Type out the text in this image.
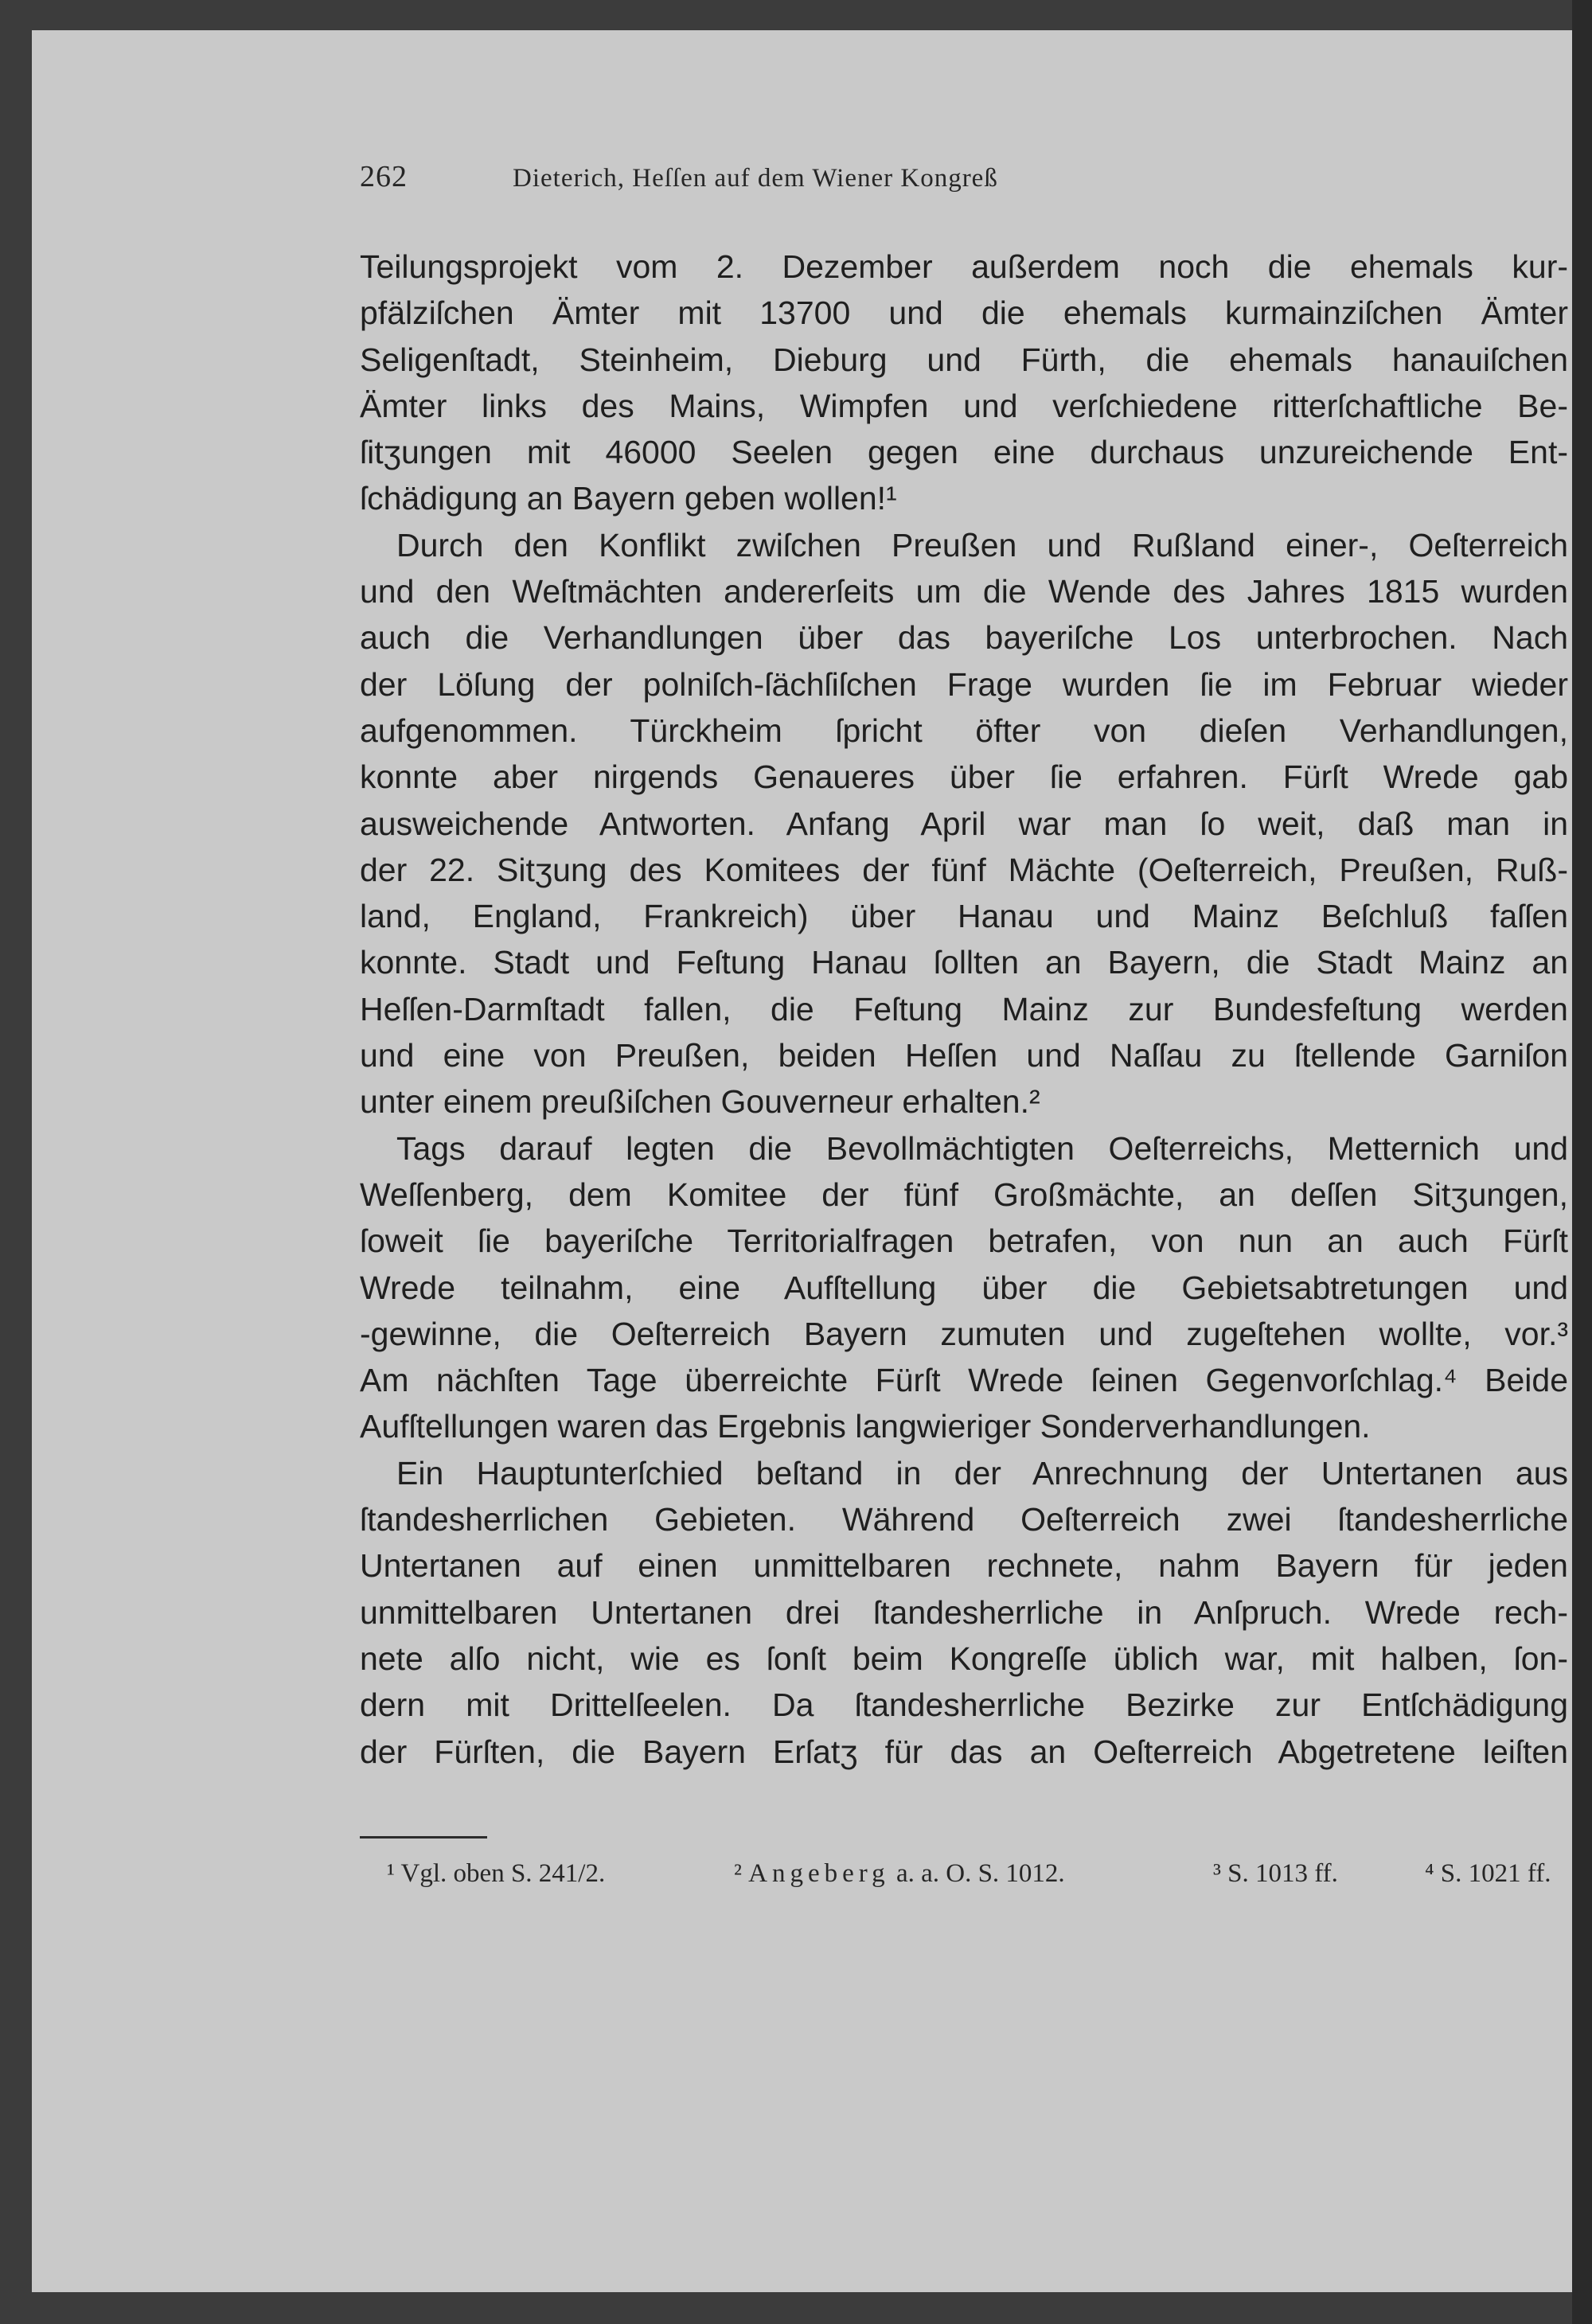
262	Dieterich, Heſſen auf dem Wiener Kongreß
Teilungsprojekt vom 2. Dezember außerdem noch die ehemals kur-
pfälziſchen Ämter mit 13700 und die ehemals kurmainziſchen Ämter
Seligenſtadt, Steinheim, Dieburg und Fürth, die ehemals hanauiſchen
Ämter links des Mains, Wimpfen und verſchiedene ritterſchaftliche Be-
ſitʒungen mit 46000 Seelen gegen eine durchaus unzureichende Ent-
ſchädigung an Bayern geben wollen!¹
Durch den Konflikt zwiſchen Preußen und Rußland einer-, Oeſterreich
und den Weſtmächten andererſeits um die Wende des Jahres 1815 wurden
auch die Verhandlungen über das bayeriſche Los unterbrochen. Nach
der Löſung der polniſch-ſächſiſchen Frage wurden ſie im Februar wieder
aufgenommen. Türckheim ſpricht öfter von dieſen Verhandlungen,
konnte aber nirgends Genaueres über ſie erfahren. Fürſt Wrede gab
ausweichende Antworten. Anfang April war man ſo weit, daß man in
der 22. Sitʒung des Komitees der fünf Mächte (Oeſterreich, Preußen, Ruß-
land, England, Frankreich) über Hanau und Mainz Beſchluß faſſen
konnte. Stadt und Feſtung Hanau ſollten an Bayern, die Stadt Mainz an
Heſſen-Darmſtadt fallen, die Feſtung Mainz zur Bundesfeſtung werden
und eine von Preußen, beiden Heſſen und Naſſau zu ſtellende Garniſon
unter einem preußiſchen Gouverneur erhalten.²
Tags darauf legten die Bevollmächtigten Oeſterreichs, Metternich und
Weſſenberg, dem Komitee der fünf Großmächte, an deſſen Sitʒungen,
ſoweit ſie bayeriſche Territorialfragen betrafen, von nun an auch Fürſt
Wrede teilnahm, eine Aufſtellung über die Gebietsabtretungen und
-gewinne, die Oeſterreich Bayern zumuten und zugeſtehen wollte, vor.³
Am nächſten Tage überreichte Fürſt Wrede ſeinen Gegenvorſchlag.⁴ Beide
Aufſtellungen waren das Ergebnis langwieriger Sonderverhandlungen.
Ein Hauptunterſchied beſtand in der Anrechnung der Untertanen aus
ſtandesherrlichen Gebieten. Während Oeſterreich zwei ſtandesherrliche
Untertanen auf einen unmittelbaren rechnete, nahm Bayern für jeden
unmittelbaren Untertanen drei ſtandesherrliche in Anſpruch. Wrede rech-
nete alſo nicht, wie es ſonſt beim Kongreſſe üblich war, mit halben, ſon-
dern mit Drittelſeelen. Da ſtandesherrliche Bezirke zur Entſchädigung
der Fürſten, die Bayern Erſatʒ für das an Oeſterreich Abgetretene leiſten
¹ Vgl. oben S. 241/2.	² Angeberg a. a. O. S. 1012.	³ S. 1013 ff.	⁴ S. 1021 ff.
